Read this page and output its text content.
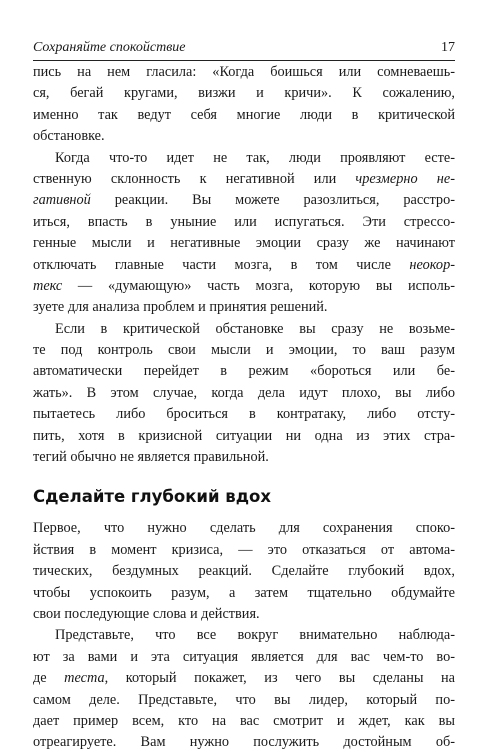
Сохраняйте спокойствие	17
пись на нем гласила: «Когда боишься или сомневаешь-
ся, бегай кругами, визжи и кричи». К сожалению,
именно так ведут себя многие люди в критической
обстановке.
Когда что-то идет не так, люди проявляют есте-
ственную склонность к негативной или чрезмерно не-
гативной реакции. Вы можете разозлиться, расстро-
иться, впасть в уныние или испугаться. Эти стрессо-
генные мысли и негативные эмоции сразу же начинают
отключать главные части мозга, в том числе неокор-
текс — «думающую» часть мозга, которую вы исполь-
зуете для анализа проблем и принятия решений.
Если в критической обстановке вы сразу не возьме-
те под контроль свои мысли и эмоции, то ваш разум
автоматически перейдет в режим «бороться или бе-
жать». В этом случае, когда дела идут плохо, вы либо
пытаетесь либо броситься в контратаку, либо отсту-
пить, хотя в кризисной ситуации ни одна из этих стра-
тегий обычно не является правильной.
Сделайте глубокий вдох
Первое, что нужно сделать для сохранения споко-
йствия в момент кризиса, — это отказаться от автома-
тических, бездумных реакций. Сделайте глубокий вдох,
чтобы успокоить разум, а затем тщательно обдумайте
свои последующие слова и действия.
Представьте, что все вокруг внимательно наблюда-
ют за вами и эта ситуация является для вас чем-то во-
де теста, который покажет, из чего вы сделаны на
самом деле. Представьте, что вы лидер, который по-
дает пример всем, кто на вас смотрит и ждет, как вы
отреагируете. Вам нужно послужить достойным об-
